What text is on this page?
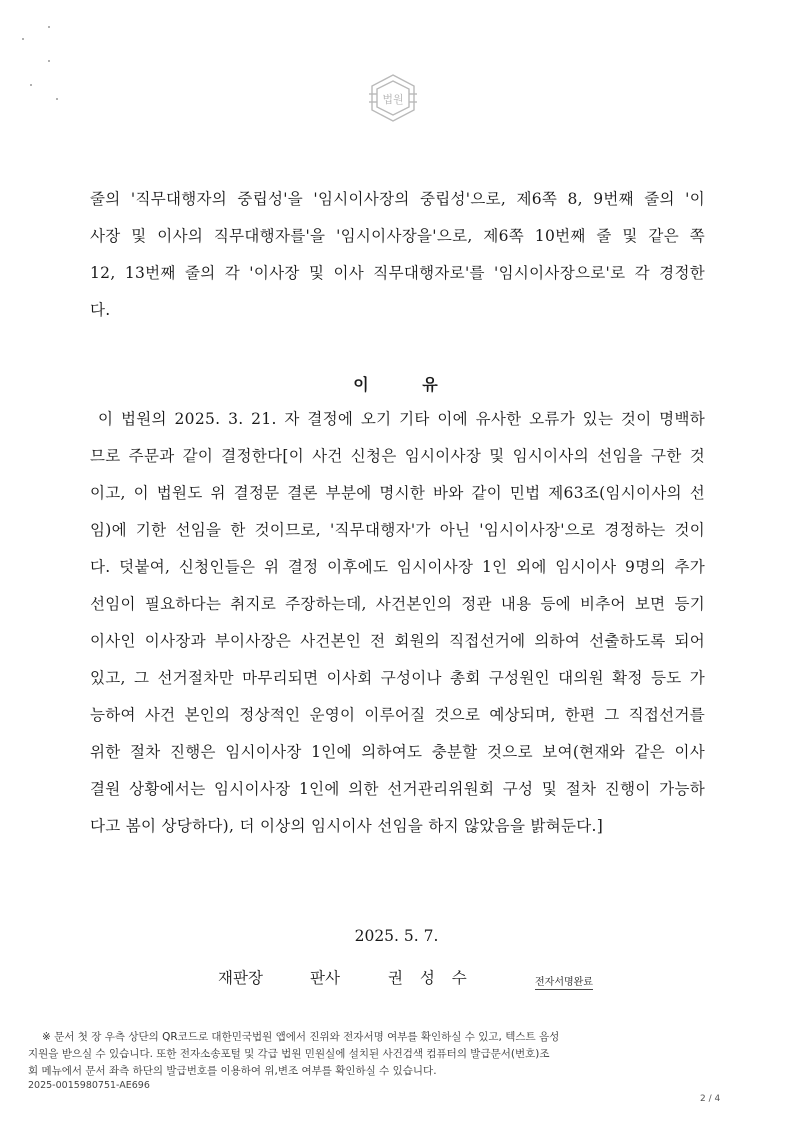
법원
줄의 '직무대행자의 중립성'을 '임시이사장의 중립성'으로, 제6쪽 8, 9번째 줄의 '이
사장 및 이사의 직무대행자를'을 '임시이사장을'으로, 제6쪽 10번째 줄 및 같은 쪽
12, 13번째 줄의 각 '이사장 및 이사 직무대행자로'를 '임시이사장으로'로 각 경정한
다.
이	유
이 법원의 2025. 3. 21. 자 결정에 오기 기타 이에 유사한 오류가 있는 것이 명백하
므로 주문과 같이 결정한다[이 사건 신청은 임시이사장 및 임시이사의 선임을 구한 것
이고, 이 법원도 위 결정문 결론 부분에 명시한 바와 같이 민법 제63조(임시이사의 선
임)에 기한 선임을 한 것이므로, '직무대행자'가 아닌 '임시이사장'으로 경정하는 것이
다. 덧붙여, 신청인들은 위 결정 이후에도 임시이사장 1인 외에 임시이사 9명의 추가
선임이 필요하다는 취지로 주장하는데, 사건본인의 정관 내용 등에 비추어 보면 등기
이사인 이사장과 부이사장은 사건본인 전 회원의 직접선거에 의하여 선출하도록 되어
있고, 그 선거절차만 마무리되면 이사회 구성이나 총회 구성원인 대의원 확정 등도 가
능하여 사건 본인의 정상적인 운영이 이루어질 것으로 예상되며, 한편 그 직접선거를
위한 절차 진행은 임시이사장 1인에 의하여도 충분할 것으로 보여(현재와 같은 이사
결원 상황에서는 임시이사장 1인에 의한 선거관리위원회 구성 및 절차 진행이 가능하
다고 봄이 상당하다), 더 이상의 임시이사 선임을 하지 않았음을 밝혀둔다.]
2025. 5. 7.
재판장	판사	권 성 수	전자서명완료
※ 문서 첫 장 우측 상단의 QR코드로 대한민국법원 앱에서 진위와 전자서명 여부를 확인하실 수 있고, 텍스트 음성
지원을 받으실 수 있습니다. 또한 전자소송포털 및 각급 법원 민원실에 설치된 사건검색 컴퓨터의 발급문서(번호)조
회 메뉴에서 문서 좌측 하단의 발급번호를 이용하여 위,변조 여부를 확인하실 수 있습니다.
2025-0015980751-AE696
2 / 4
